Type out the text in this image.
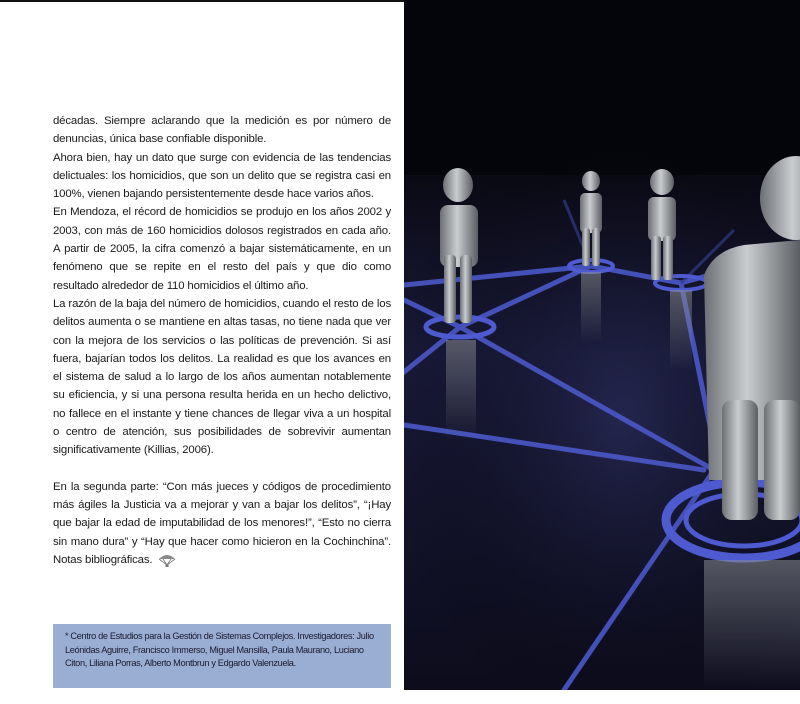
décadas. Siempre aclarando que la medición es por número de denuncias, única base confiable disponible.

Ahora bien, hay un dato que surge con evidencia de las tendencias delictuales: los homicidios, que son un delito que se registra casi en 100%, vienen bajando persistentemente desde hace varios años.

En Mendoza, el récord de homicidios se produjo en los años 2002 y 2003, con más de 160 homicidios dolosos registrados en cada año. A partir de 2005, la cifra comenzó a bajar sistemáticamente, en un fenómeno que se repite en el resto del país y que dio como resultado alrededor de 110 homicidios el último año.

La razón de la baja del número de homicidios, cuando el resto de los delitos aumenta o se mantiene en altas tasas, no tiene nada que ver con la mejora de los servicios o las políticas de prevención. Si así fuera, bajarían todos los delitos. La realidad es que los avances en el sistema de salud a lo largo de los años aumentan notablemente su eficiencia, y si una persona resulta herida en un hecho delictivo, no fallece en el instante y tiene chances de llegar viva a un hospital o centro de atención, sus posibilidades de sobrevivir aumentan significativamente (Killias, 2006).

En la segunda parte: “Con más jueces y códigos de procedimiento más ágiles la Justicia va a mejorar y van a bajar los delitos”, “¡Hay que bajar la edad de imputabilidad de los menores!”, “Esto no cierra sin mano dura” y “Hay que hacer como hicieron en la Cochinchina”. Notas bibliográficas.

* Centro de Estudios para la Gestión de Sistemas Complejos. Investigadores: Julio Leónidas Aguirre, Francisco Immerso, Miguel Mansilla, Paula Maurano, Luciano Citon, Liliana Porras, Alberto Montbrun y Edgardo Valenzuela.
